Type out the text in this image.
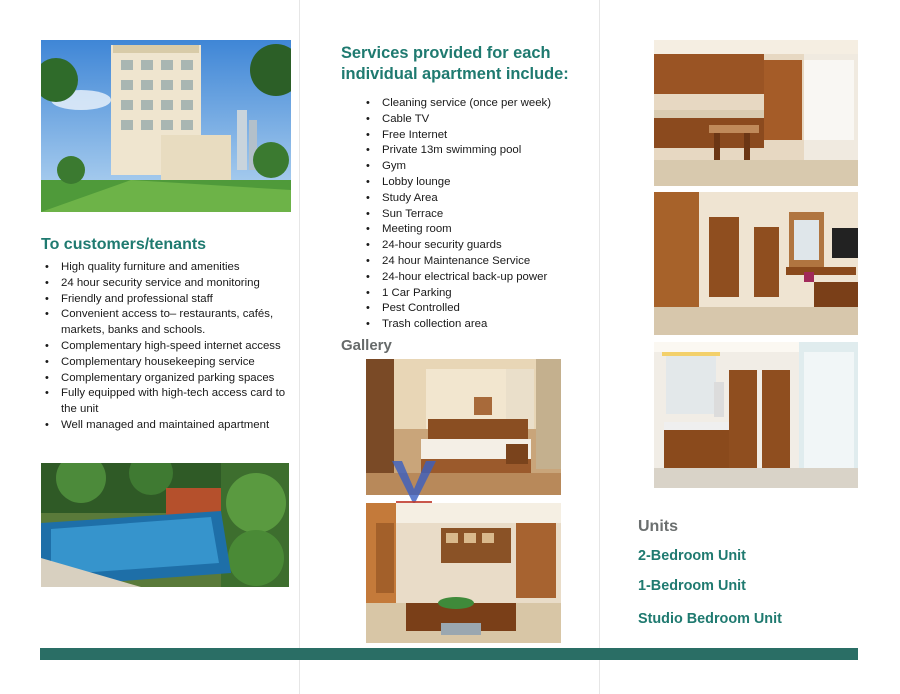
To customers/tenants
• High quality furniture and amenities
• 24 hour security service and monitoring
• Friendly and professional staff
• Convenient access to– restaurants, cafés, markets, banks and schools.
• Complementary high-speed internet access
• Complementary housekeeping service
• Complementary organized parking spaces
• Fully equipped with high-tech access card to the unit
• Well managed and maintained apartment
Services provided for each individual apartment include:
• Cleaning service (once per week)
• Cable TV
• Free Internet
• Private 13m swimming pool
• Gym
• Lobby lounge
• Study Area
• Sun Terrace
• Meeting room
• 24-hour security guards
• 24 hour Maintenance Service
• 24-hour electrical back-up power
• 1 Car Parking
• Pest Controlled
• Trash collection area
Gallery
Units

2-Bedroom Unit

1-Bedroom Unit

Studio Bedroom Unit
